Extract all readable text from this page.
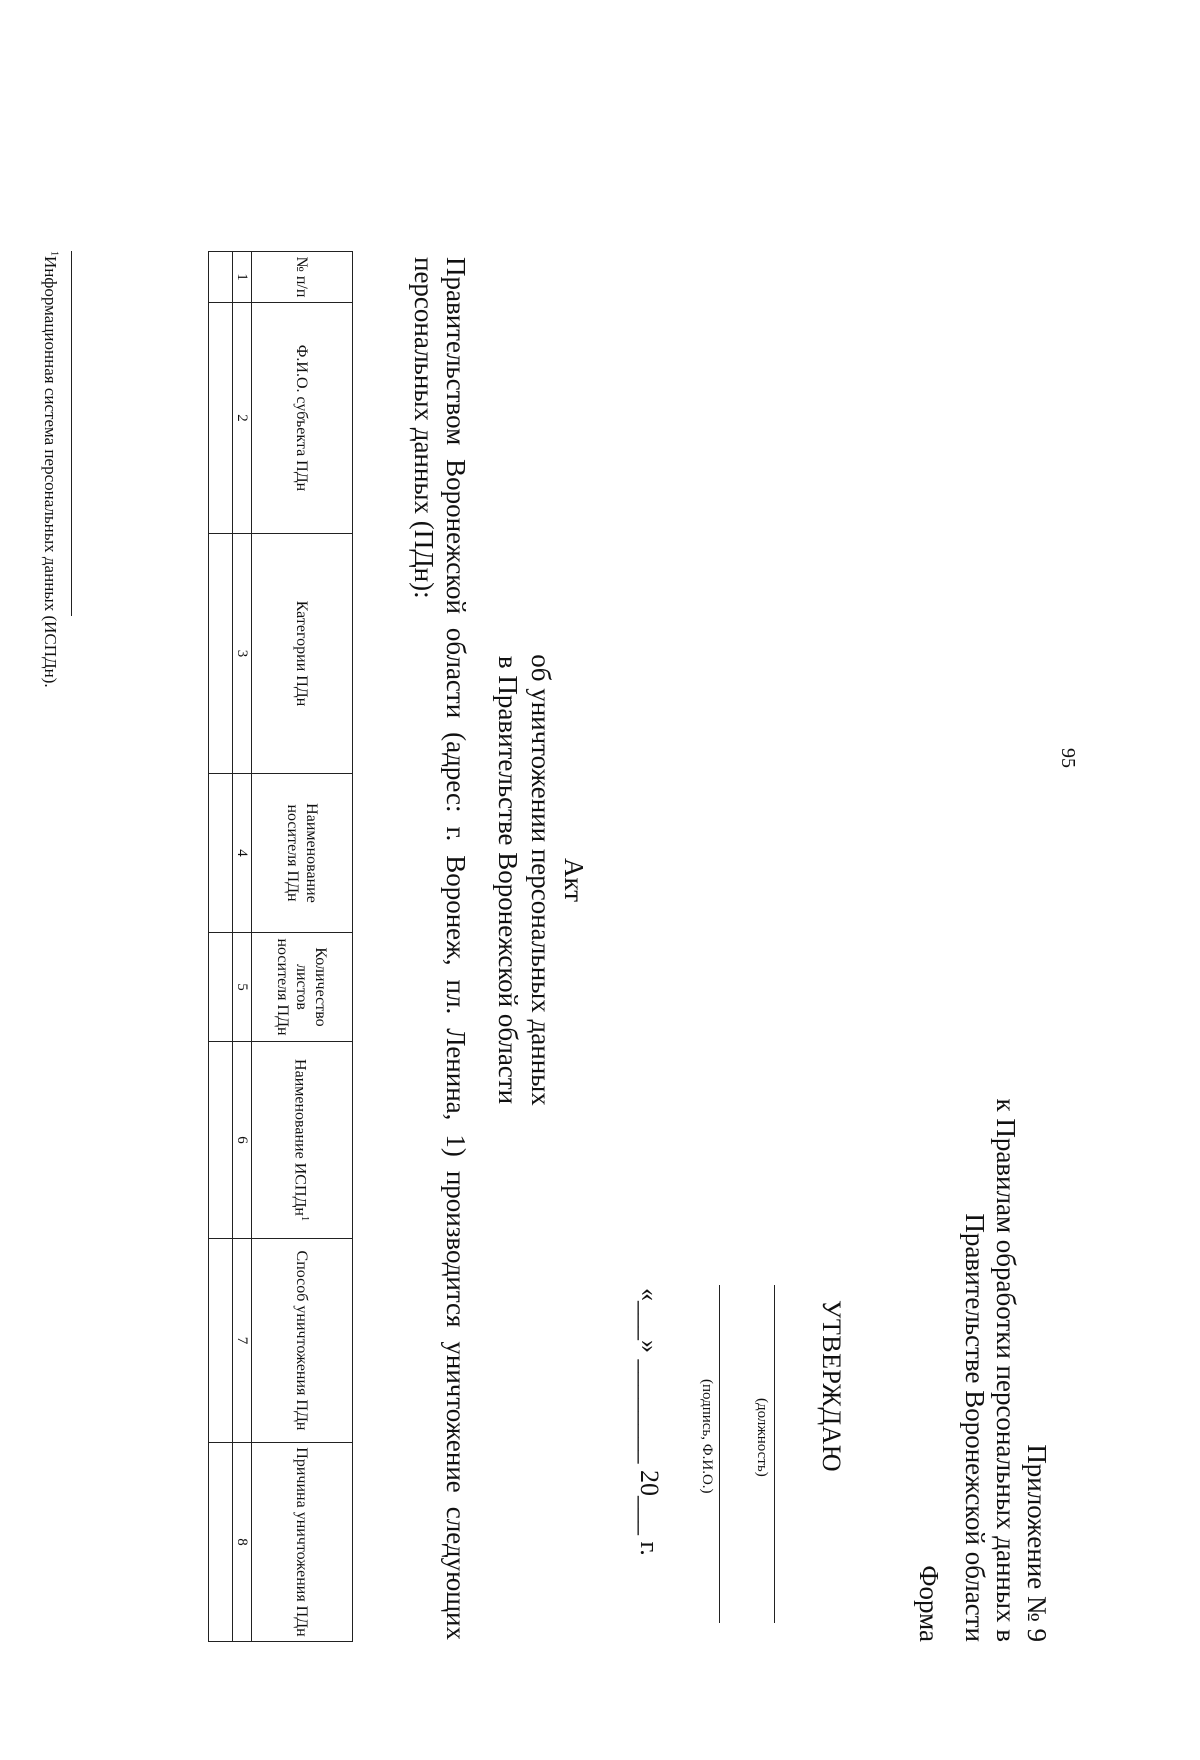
95
Приложение № 9
к Правилам обработки персональных данных в
Правительстве Воронежской области
Форма
УТВЕРЖДАЮ
(должность)
(подпись, Ф.И.О.)
«___» ________ 20___ г.
Акт
об уничтожении персональных данных
в Правительстве Воронежской области
Правительством Воронежской области (адрес: г. Воронеж, пл. Ленина, 1) производится уничтожение следующих персональных данных (ПДн):
№ п/п	Ф.И.О. субъекта ПДн	Категории ПДн	Наименование носителя ПДн	Количество листов носителя ПДн	Наименование ИСПДн$^1$	Способ уничтожения ПДн	Причина уничтожения ПДн
1	2	3	4	5	6	7	8

$^1$Информационная система персональных данных (ИСПДн).
